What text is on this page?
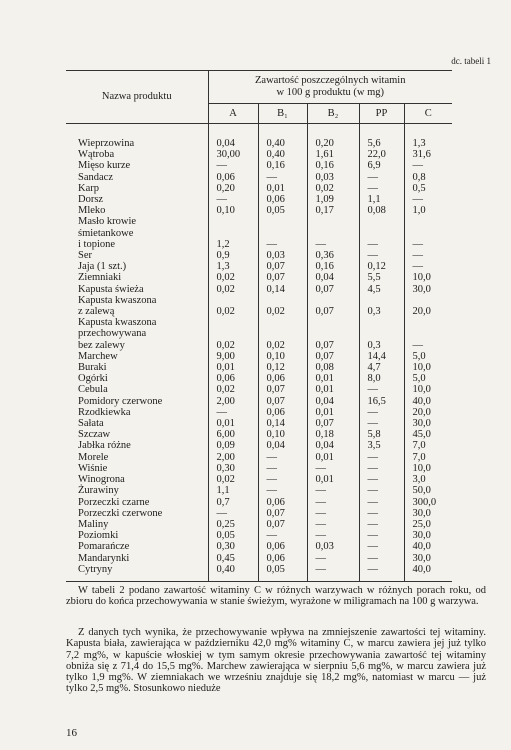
dc. tabeli 1
Nazwa produktu	Zawartość poszczególnych witamin
w 100 g produktu (w mg)				

	A	B₁	B₂	PP	C
Wieprzowina	0,04	0,40	0,20	5,6	1,3
Wątroba	30,00	0,40	1,61	22,0	31,6
Mięso kurze	—	0,16	0,16	6,9	—
Sandacz	0,06	—	0,03	—	0,8
Karp	0,20	0,01	0,02	—	0,5
Dorsz	—	0,06	1,09	1,1	—
Mleko	0,10	0,05	0,17	0,08	1,0
Masło krowie
śmietankowe
i topione	1,2	—	—	—	—
Ser	0,9	0,03	0,36	—	—
Jaja (1 szt.)	1,3	0,07	0,16	0,12	—
Ziemniaki	0,02	0,07	0,04	5,5	10,0
Kapusta świeża	0,02	0,14	0,07	4,5	30,0
Kapusta kwaszona
z zalewą	0,02	0,02	0,07	0,3	20,0
Kapusta kwaszona
przechowywana
bez zalewy	0,02	0,02	0,07	0,3	—
Marchew	9,00	0,10	0,07	14,4	5,0
Buraki	0,01	0,12	0,08	4,7	10,0
Ogórki	0,06	0,06	0,01	8,0	5,0
Cebula	0,02	0,07	0,01	—	10,0
Pomidory czerwone	2,00	0,07	0,04	16,5	40,0
Rzodkiewka	—	0,06	0,01	—	20,0
Sałata	0,01	0,14	0,07	—	30,0
Szczaw	6,00	0,10	0,18	5,8	45,0
Jabłka różne	0,09	0,04	0,04	3,5	7,0
Morele	2,00	—	0,01	—	7,0
Wiśnie	0,30	—	—	—	10,0
Winogrona	0,02	—	0,01	—	3,0
Żurawiny	1,1	—	—	—	50,0
Porzeczki czarne	0,7	0,06	—	—	300,0
Porzeczki czerwone	—	0,07	—	—	30,0
Maliny	0,25	0,07	—	—	25,0
Poziomki	0,05	—	—	—	30,0
Pomarańcze	0,30	0,06	0,03	—	40,0
Mandarynki	0,45	0,06	—	—	30,0
Cytryny	0,40	0,05	—	—	40,0

W tabeli 2 podano zawartość witaminy C w różnych warzywach w różnych porach roku, od zbioru do końca przechowywania w stanie świeżym, wyrażone w miligramach na 100 g warzywa.

Z danych tych wynika, że przechowywanie wpływa na zmniejszenie zawartości tej witaminy. Kapusta biała, zawierająca w październiku 42,0 mg% witaminy C, w marcu zawiera jej już tylko 7,2 mg%, w kapuście włoskiej w tym samym okresie przechowywania zawartość tej witaminy obniża się z 71,4 do 15,5 mg%. Marchew zawierająca w sierpniu 5,6 mg%, w marcu zawiera już tylko 1,9 mg%. W ziemniakach we wrześniu znajduje się 18,2 mg%, natomiast w marcu — już tylko 2,5 mg%. Stosunkowo nieduże

16
